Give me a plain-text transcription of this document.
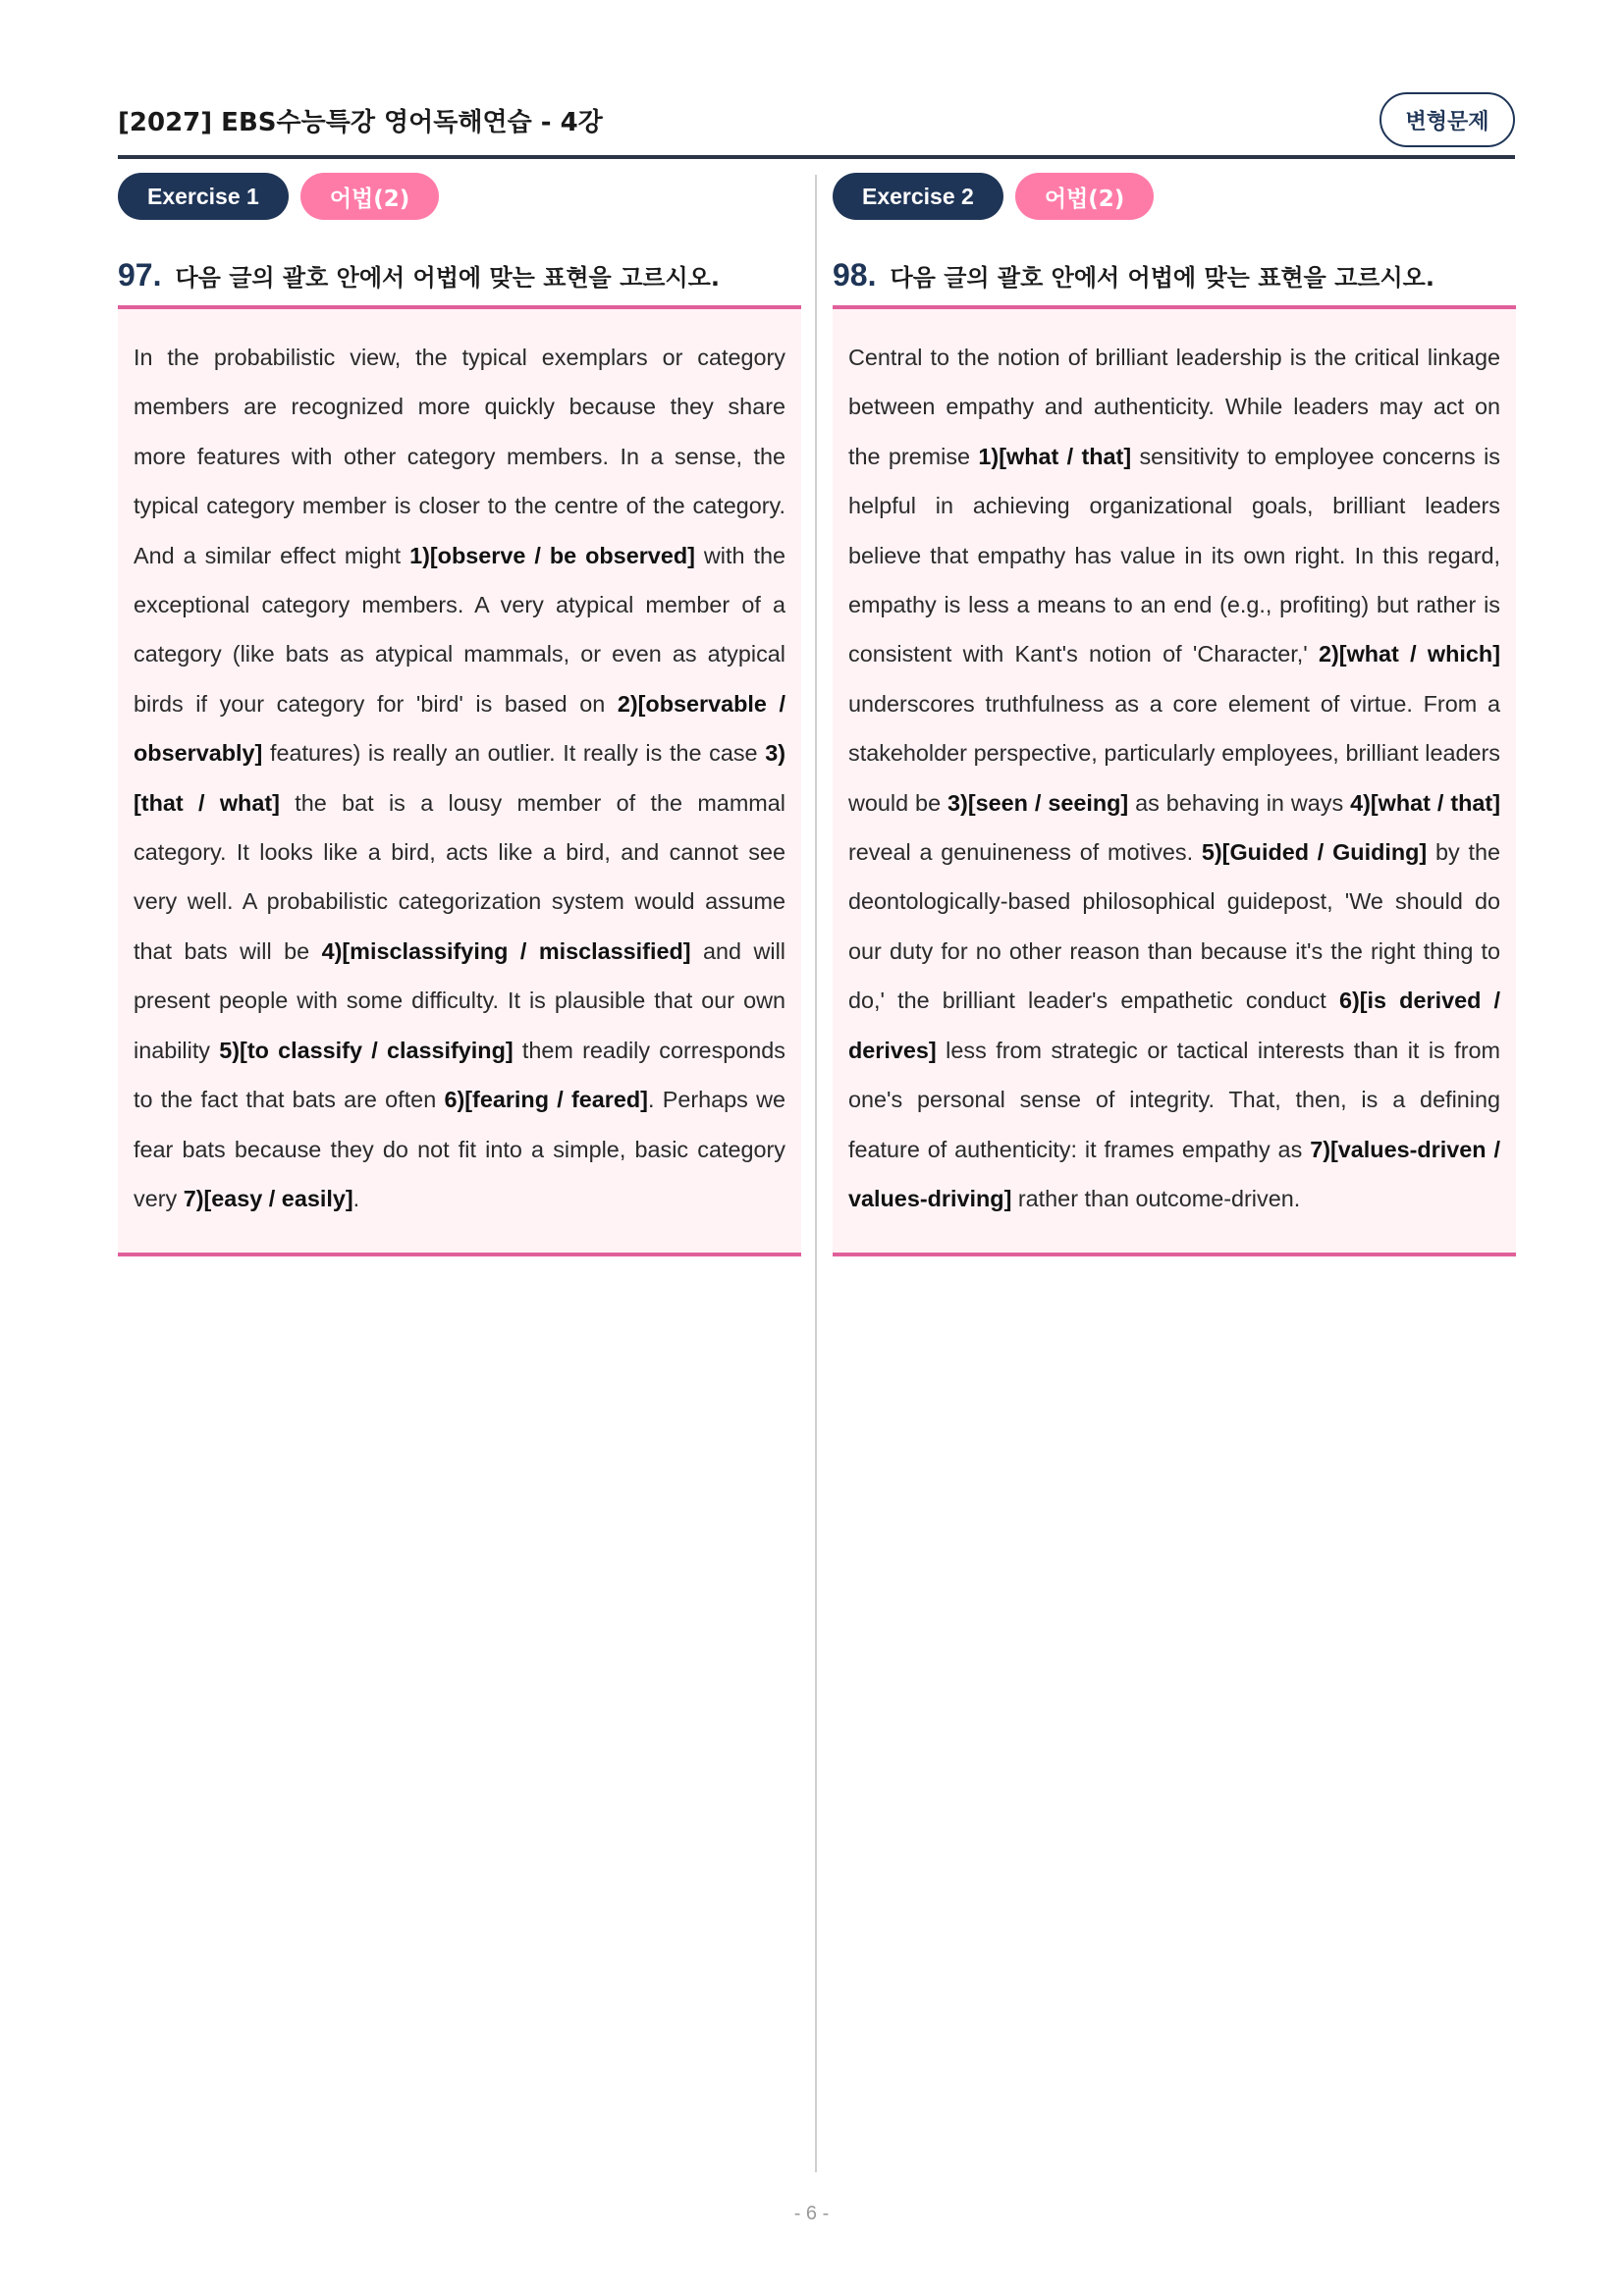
[2027] EBS수능특강 영어독해연습 - 4강	변형문제
Exercise 1	어법(2)
97. 다음 글의 괄호 안에서 어법에 맞는 표현을 고르시오.
In the probabilistic view, the typical exemplars or category members are recognized more quickly because they share more features with other category members. In a sense, the typical category member is closer to the centre of the category. And a similar effect might 1)[observe / be observed] with the exceptional category members. A very atypical member of a category (like bats as atypical mammals, or even as atypical birds if your category for 'bird' is based on 2)[observable / observably] features) is really an outlier. It really is the case 3)[that / what] the bat is a lousy member of the mammal category. It looks like a bird, acts like a bird, and cannot see very well. A probabilistic categorization system would assume that bats will be 4)[misclassifying / misclassified] and will present people with some difficulty. It is plausible that our own inability 5)[to classify / classifying] them readily corresponds to the fact that bats are often 6)[fearing / feared]. Perhaps we fear bats because they do not fit into a simple, basic category very 7)[easy / easily].
Exercise 2	어법(2)
98. 다음 글의 괄호 안에서 어법에 맞는 표현을 고르시오.
Central to the notion of brilliant leadership is the critical linkage between empathy and authenticity. While leaders may act on the premise 1)[what / that] sensitivity to employee concerns is helpful in achieving organizational goals, brilliant leaders believe that empathy has value in its own right. In this regard, empathy is less a means to an end (e.g., profiting) but rather is consistent with Kant's notion of 'Character,' 2)[what / which] underscores truthfulness as a core element of virtue. From a stakeholder perspective, particularly employees, brilliant leaders would be 3)[seen / seeing] as behaving in ways 4)[what / that] reveal a genuineness of motives. 5)[Guided / Guiding] by the deontologically-based philosophical guidepost, 'We should do our duty for no other reason than because it's the right thing to do,' the brilliant leader's empathetic conduct 6)[is derived / derives] less from strategic or tactical interests than it is from one's personal sense of integrity. That, then, is a defining feature of authenticity: it frames empathy as 7)[values-driven / values-driving] rather than outcome-driven.
- 6 -
